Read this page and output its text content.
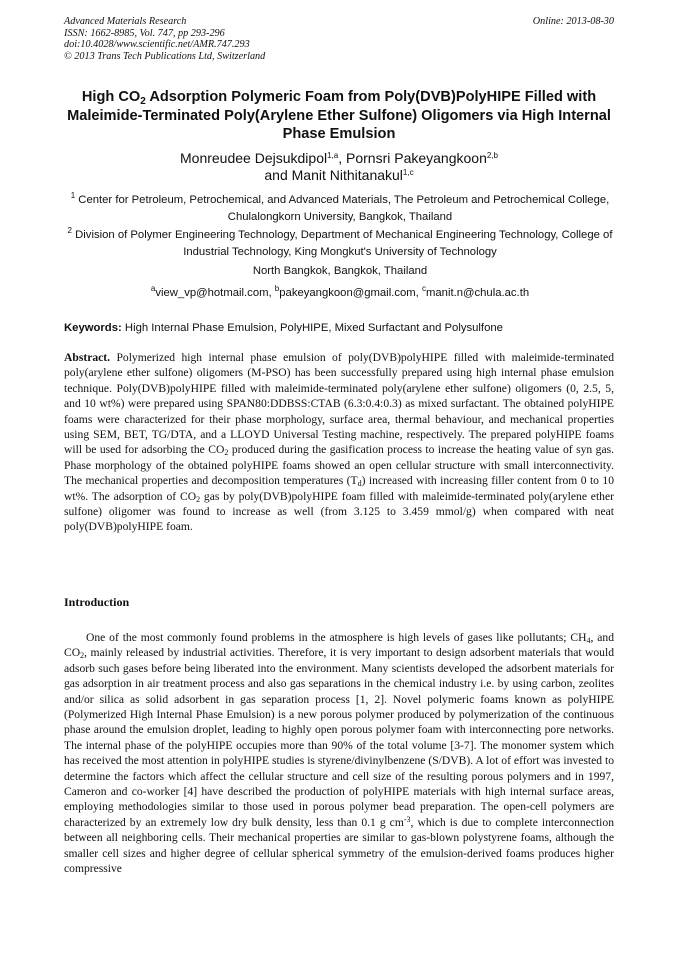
Advanced Materials Research
ISSN: 1662-8985, Vol. 747, pp 293-296
doi:10.4028/www.scientific.net/AMR.747.293
© 2013 Trans Tech Publications Ltd, Switzerland
Online: 2013-08-30
High $CO_2$ Adsorption Polymeric Foam from Poly(DVB)PolyHIPE Filled with Maleimide-Terminated Poly(Arylene Ether Sulfone) Oligomers via High Internal Phase Emulsion
Monreudee Dejsukdipol$^{1,a}$, Pornsri Pakeyangkoon$^{2,b}$
and Manit Nithitanakul$^{1,c}$
$^1$ Center for Petroleum, Petrochemical, and Advanced Materials, The Petroleum and Petrochemical College, Chulalongkorn University, Bangkok, Thailand
$^2$ Division of Polymer Engineering Technology, Department of Mechanical Engineering Technology, College of Industrial Technology, King Mongkut's University of Technology
North Bangkok, Bangkok, Thailand
$^a$view_vp@hotmail.com, $^b$pakeyangkoon@gmail.com, $^c$manit.n@chula.ac.th
Keywords: High Internal Phase Emulsion, PolyHIPE, Mixed Surfactant and Polysulfone
Abstract. Polymerized high internal phase emulsion of poly(DVB)polyHIPE filled with maleimide-terminated poly(arylene ether sulfone) oligomers (M-PSO) has been successfully prepared using high internal phase emulsion technique. Poly(DVB)polyHIPE filled with maleimide-terminated poly(arylene ether sulfone) oligomers (0, 2.5, 5, and 10 wt%) were prepared using SPAN80:DDBSS:CTAB (6.3:0.4:0.3) as mixed surfactant. The obtained polyHIPE foams were characterized for their phase morphology, surface area, thermal behaviour, and mechanical properties using SEM, BET, TG/DTA, and a LLOYD Universal Testing machine, respectively. The prepared polyHIPE foams will be used for adsorbing the $CO_2$ produced during the gasification process to increase the heating value of syn gas. Phase morphology of the obtained polyHIPE foams showed an open cellular structure with small interconnectivity. The mechanical properties and decomposition temperatures $(T_d)$ increased with increasing filler content from 0 to 10 wt%. The adsorption of $CO_2$ gas by poly(DVB)polyHIPE foam filled with maleimide-terminated poly(arylene ether sulfone) oligomer was found to increase as well (from 3.125 to 3.459 mmol/g) when compared with neat poly(DVB)polyHIPE foam.
Introduction
One of the most commonly found problems in the atmosphere is high levels of gases like pollutants; $CH_4$, and $CO_2$, mainly released by industrial activities. Therefore, it is very important to design adsorbent materials that would adsorb such gases before being liberated into the environment. Many scientists developed the adsorbent materials for gas adsorption in air treatment process and also gas separations in the chemical industry i.e. by using carbon, zeolites and/or silica as solid adsorbent in gas separation process [1, 2]. Novel polymeric foams known as polyHIPE (Polymerized High Internal Phase Emulsion) is a new porous polymer produced by polymerization of the continuous phase around the emulsion droplet, leading to highly open porous polymer foam with interconnecting pore networks. The internal phase of the polyHIPE occupies more than 90% of the total volume [3-7]. The monomer system which has received the most attention in polyHIPE studies is styrene/divinylbenzene (S/DVB). A lot of effort was invested to determine the factors which affect the cellular structure and cell size of the resulting porous polymers and in 1997, Cameron and co-worker [4] have described the production of polyHIPE materials with high internal surface areas, employing methodologies similar to those used in porous polymer bead preparation. The open-cell polymers are characterized by an extremely low dry bulk density, less than 0.1 g $cm^{-3}$, which is due to complete interconnection between all neighboring cells. Their mechanical properties are similar to gas-blown polystyrene foams, although the smaller cell sizes and higher degree of cellular spherical symmetry of the emulsion-derived foams produces higher compressive
